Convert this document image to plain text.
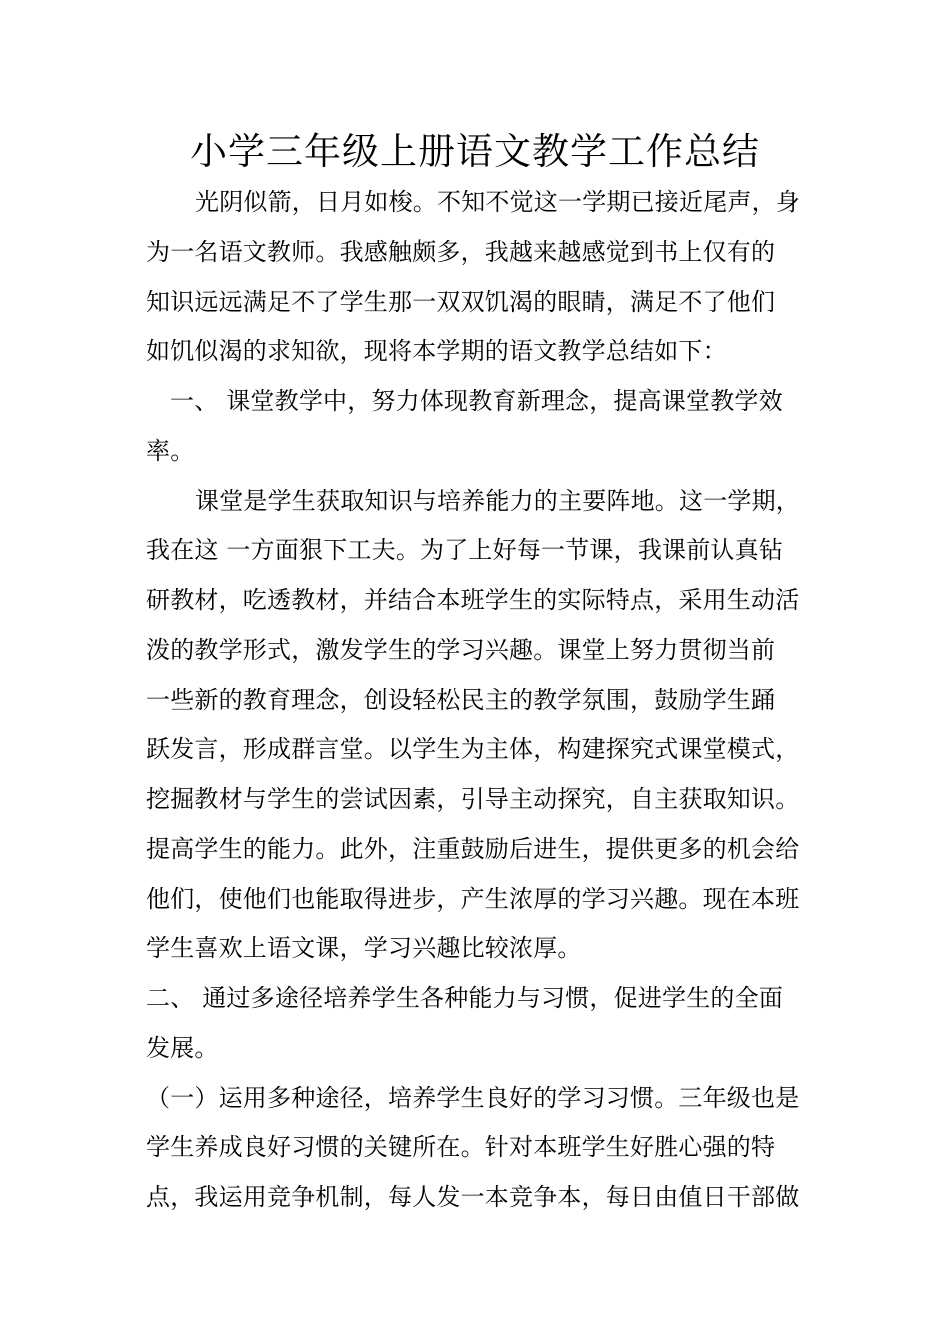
小学三年级上册语文教学工作总结
光阴似箭，日月如梭。不知不觉这一学期已接近尾声，身
为一名语文教师。我感触颇多，我越来越感觉到书上仅有的
知识远远满足不了学生那一双双饥渴的眼睛，满足不了他们
如饥似渴的求知欲，现将本学期的语文教学总结如下：
一、 课堂教学中，努力体现教育新理念，提高课堂教学效
率。
课堂是学生获取知识与培养能力的主要阵地。这一学期，
我在这 一方面狠下工夫。为了上好每一节课，我课前认真钻
研教材，吃透教材，并结合本班学生的实际特点，采用生动活
泼的教学形式，激发学生的学习兴趣。课堂上努力贯彻当前
一些新的教育理念，创设轻松民主的教学氛围，鼓励学生踊
跃发言，形成群言堂。以学生为主体，构建探究式课堂模式，
挖掘教材与学生的尝试因素，引导主动探究，自主获取知识。
提高学生的能力。此外，注重鼓励后进生，提供更多的机会给
他们，使他们也能取得进步，产生浓厚的学习兴趣。现在本班
学生喜欢上语文课，学习兴趣比较浓厚。
二、 通过多途径培养学生各种能力与习惯，促进学生的全面
发展。
（一）运用多种途径，培养学生良好的学习习惯。三年级也是
学生养成良好习惯的关键所在。针对本班学生好胜心强的特
点，我运用竞争机制，每人发一本竞争本，每日由值日干部做
